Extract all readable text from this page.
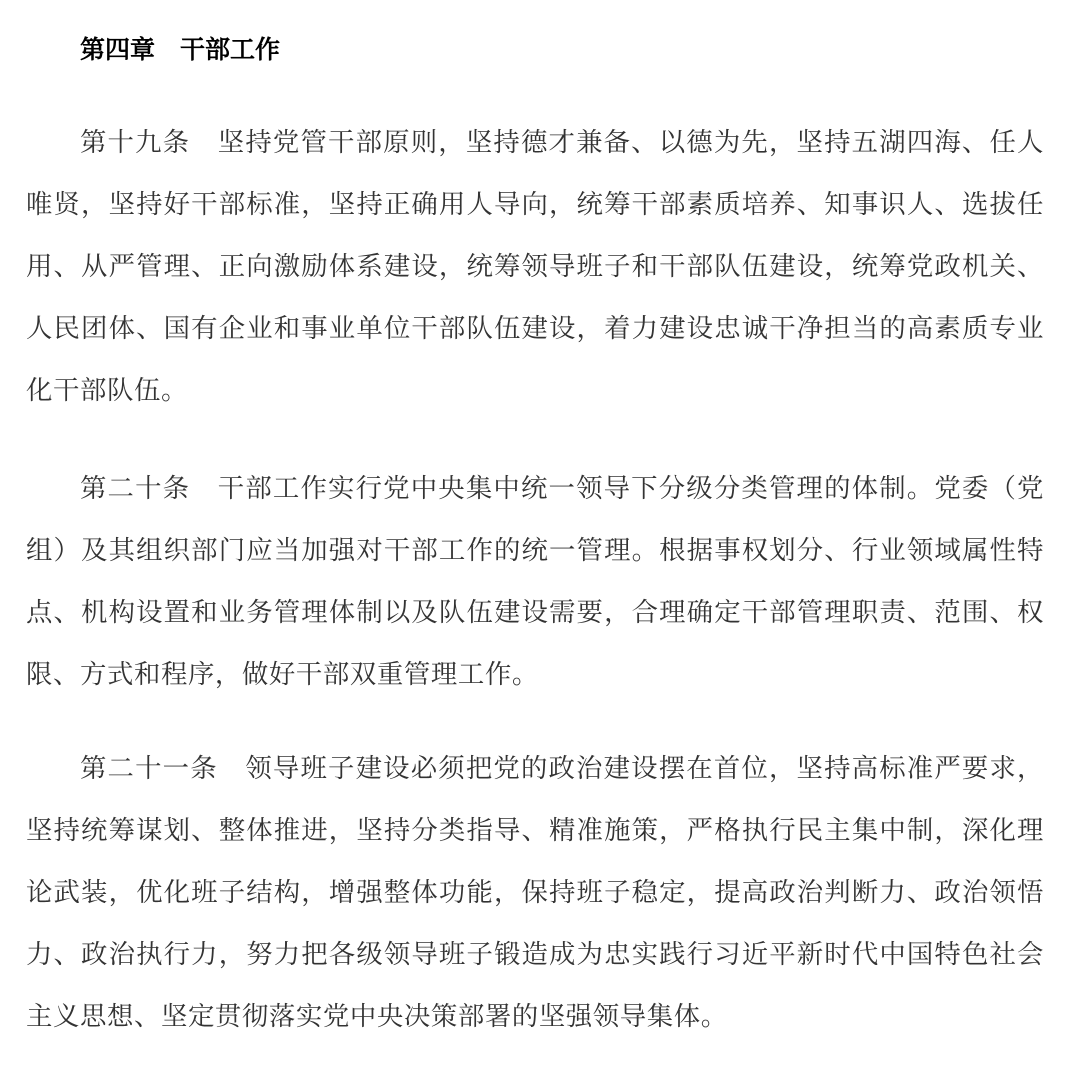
第四章　干部工作

第十九条　坚持党管干部原则，坚持德才兼备、以德为先，坚持五湖四海、任人唯贤，坚持好干部标准，坚持正确用人导向，统筹干部素质培养、知事识人、选拔任用、从严管理、正向激励体系建设，统筹领导班子和干部队伍建设，统筹党政机关、人民团体、国有企业和事业单位干部队伍建设，着力建设忠诚干净担当的高素质专业化干部队伍。

第二十条　干部工作实行党中央集中统一领导下分级分类管理的体制。党委（党组）及其组织部门应当加强对干部工作的统一管理。根据事权划分、行业领域属性特点、机构设置和业务管理体制以及队伍建设需要，合理确定干部管理职责、范围、权限、方式和程序，做好干部双重管理工作。

第二十一条　领导班子建设必须把党的政治建设摆在首位，坚持高标准严要求，坚持统筹谋划、整体推进，坚持分类指导、精准施策，严格执行民主集中制，深化理论武装，优化班子结构，增强整体功能，保持班子稳定，提高政治判断力、政治领悟力、政治执行力，努力把各级领导班子锻造成为忠实践行习近平新时代中国特色社会主义思想、坚定贯彻落实党中央决策部署的坚强领导集体。
